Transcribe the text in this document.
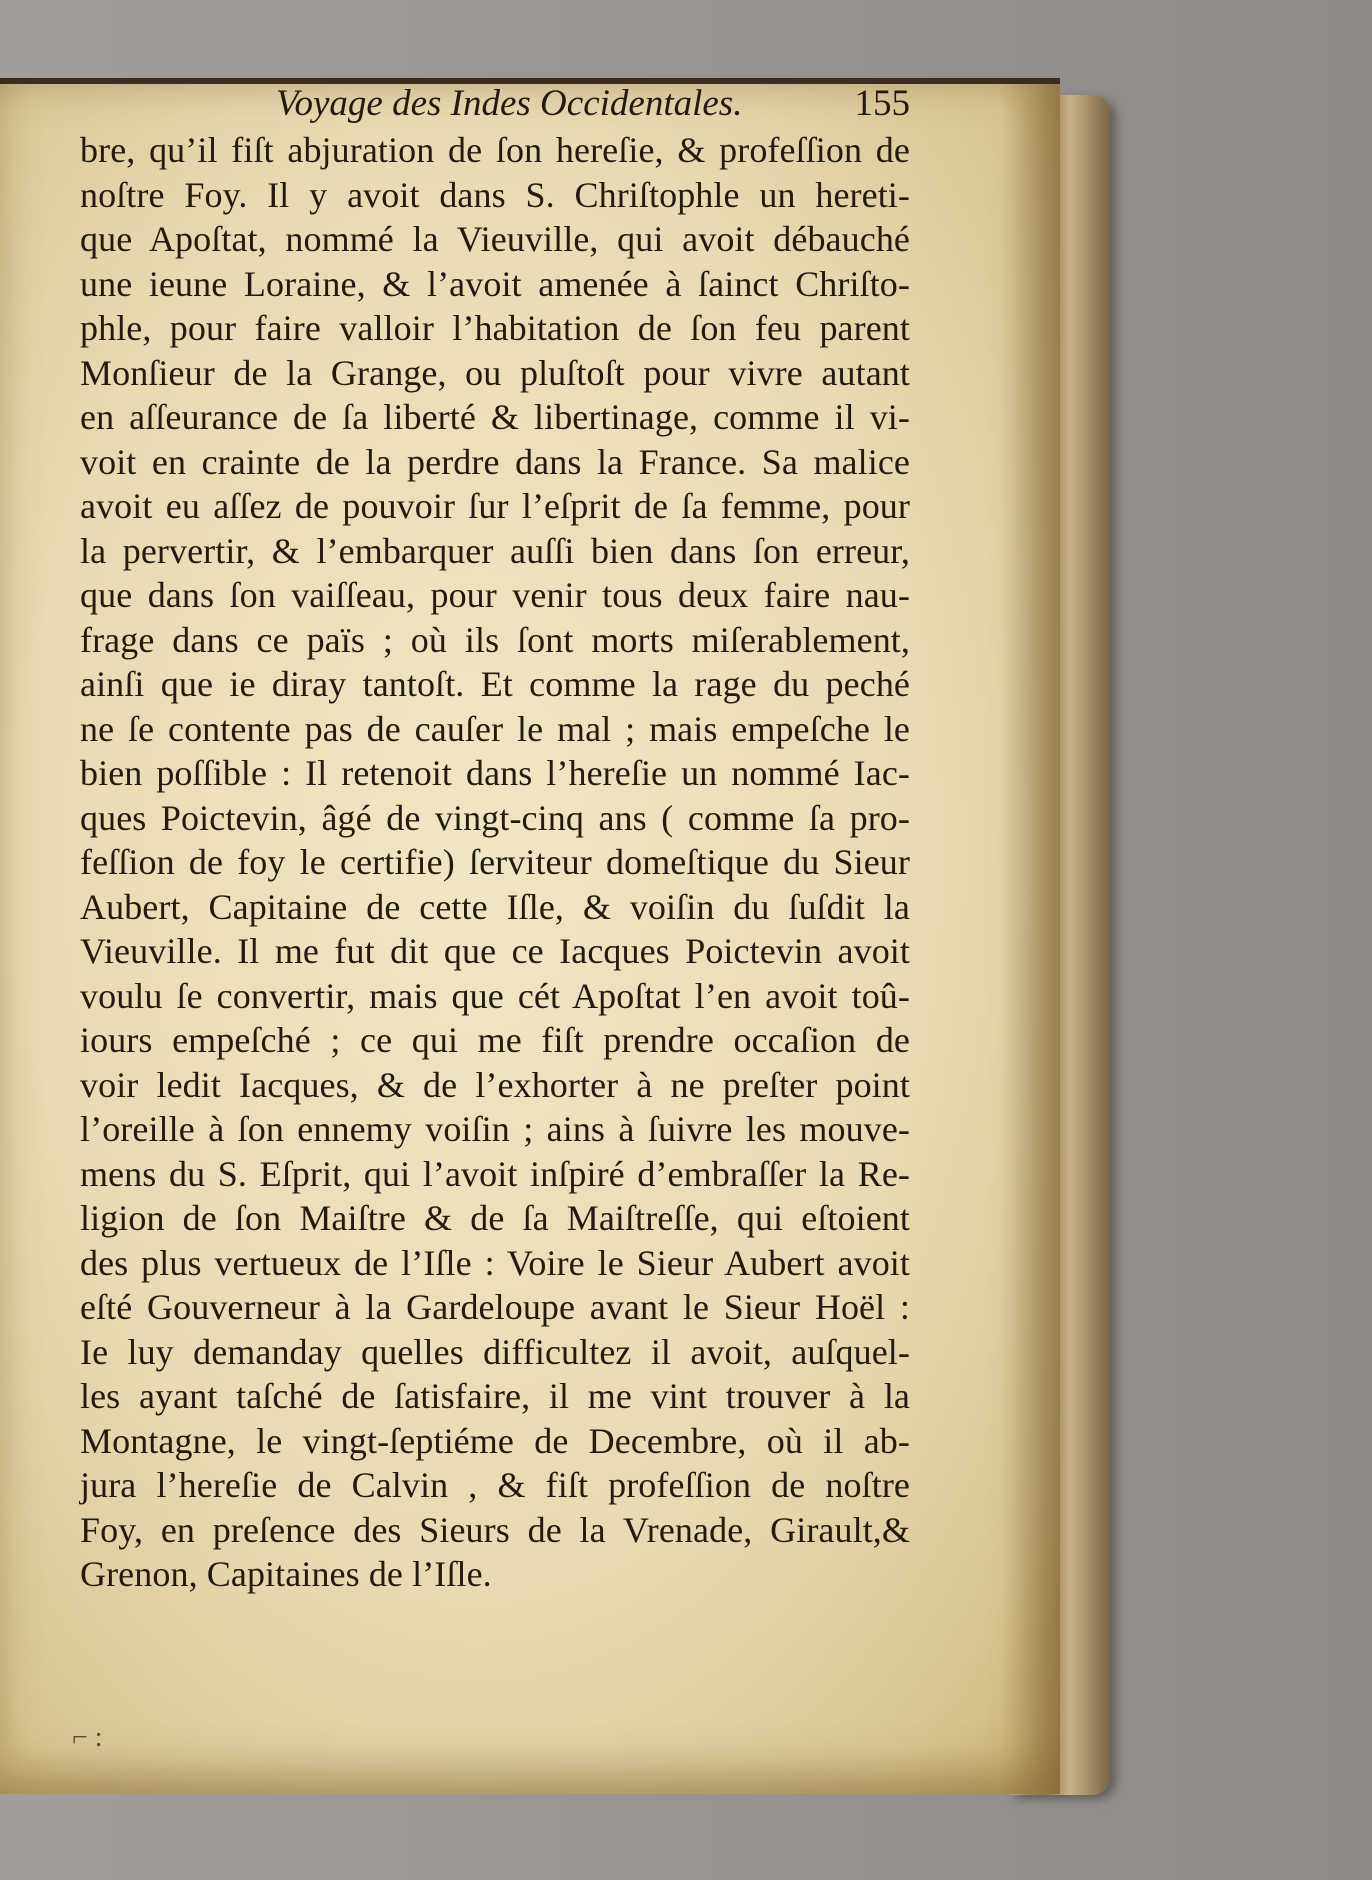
Voyage des Indes Occidentales.	155
bre, qu’il fiſt abjuration de ſon hereſie, & profeſſion de
noſtre Foy. Il y avoit dans S. Chriſtophle un hereti-
que Apoſtat, nommé la Vieuville, qui avoit débauché
une ieune Loraine, & l’avoit amenée à ſainct Chriſto-
phle, pour faire valloir l’habitation de ſon feu parent
Monſieur de la Grange, ou pluſtoſt pour vivre autant
en aſſeurance de ſa liberté & libertinage, comme il vi-
voit en crainte de la perdre dans la France. Sa malice
avoit eu aſſez de pouvoir ſur l’eſprit de ſa femme, pour
la pervertir, & l’embarquer auſſi bien dans ſon erreur,
que dans ſon vaiſſeau, pour venir tous deux faire nau-
frage dans ce païs ; où ils ſont morts miſerablement,
ainſi que ie diray tantoſt. Et comme la rage du peché
ne ſe contente pas de cauſer le mal ; mais empeſche le
bien poſſible : Il retenoit dans l’hereſie un nommé Iac-
ques Poictevin, âgé de vingt-cinq ans ( comme ſa pro-
feſſion de foy le certifie) ſerviteur domeſtique du Sieur
Aubert, Capitaine de cette Iſle, & voiſin du ſuſdit la
Vieuville. Il me fut dit que ce Iacques Poictevin avoit
voulu ſe convertir, mais que cét Apoſtat l’en avoit toû-
iours empeſché ; ce qui me fiſt prendre occaſion de
voir ledit Iacques, & de l’exhorter à ne preſter point
l’oreille à ſon ennemy voiſin ; ains à ſuivre les mouve-
mens du S. Eſprit, qui l’avoit inſpiré d’embraſſer la Re-
ligion de ſon Maiſtre & de ſa Maiſtreſſe, qui eſtoient
des plus vertueux de l’Iſle : Voire le Sieur Aubert avoit
eſté Gouverneur à la Gardeloupe avant le Sieur Hoël :
Ie luy demanday quelles difficultez il avoit, auſquel-
les ayant taſché de ſatisfaire, il me vint trouver à la
Montagne, le vingt-ſeptiéme de Decembre, où il ab-
jura l’hereſie de Calvin , & fiſt profeſſion de noſtre
Foy, en preſence des Sieurs de la Vrenade, Girault,&
Grenon, Capitaines de l’Iſle.
⌐ :
